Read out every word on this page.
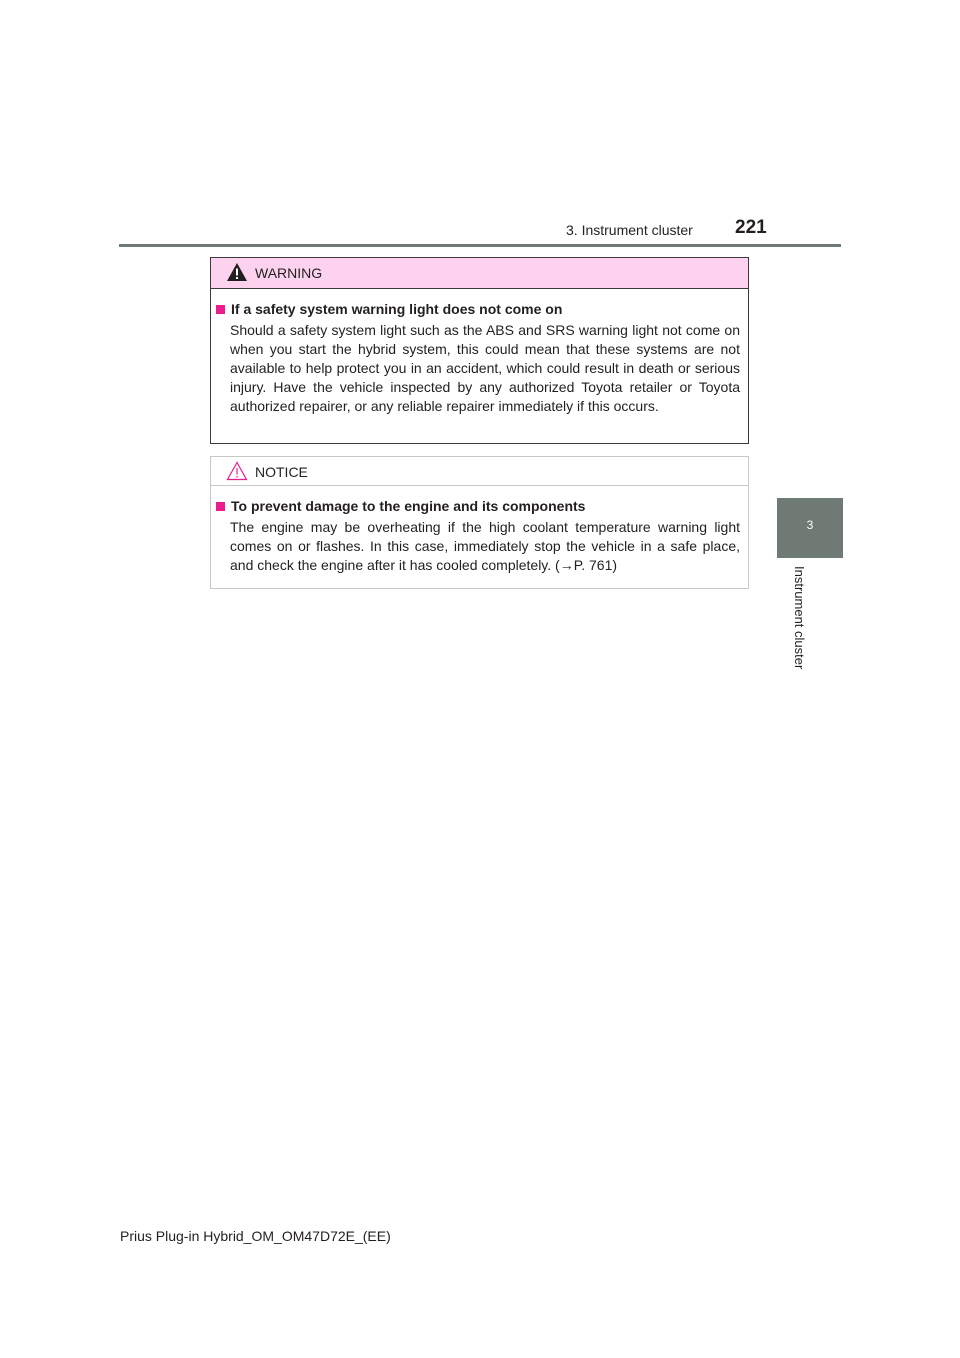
3. Instrument cluster 221
3
Instrument cluster
WARNING
If a safety system warning light does not come on
Should a safety system light such as the ABS and SRS warning light not come on when you start the hybrid system, this could mean that these systems are not available to help protect you in an accident, which could result in death or serious injury. Have the vehicle inspected by any authorized Toyota retailer or Toyota authorized repairer, or any reliable repairer immediately if this occurs.
NOTICE
To prevent damage to the engine and its components
The engine may be overheating if the high coolant temperature warning light comes on or flashes. In this case, immediately stop the vehicle in a safe place, and check the engine after it has cooled completely. (→P. 761)
Prius Plug-in Hybrid_OM_OM47D72E_(EE)
